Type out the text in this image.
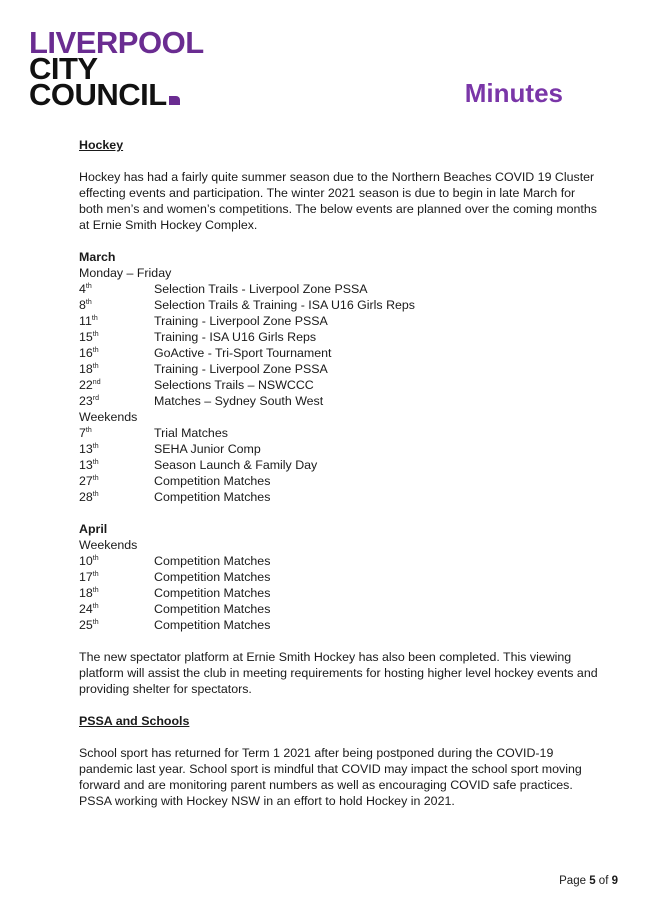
LIVERPOOL
CITY
COUNCIL	Minutes

Hockey

Hockey has had a fairly quite summer season due to the Northern Beaches COVID 19 Cluster effecting events and participation. The winter 2021 season is due to begin in late March for both men’s and women’s competitions. The below events are planned over the coming months at Ernie Smith Hockey Complex.

March

Monday – Friday

4th	Selection Trails - Liverpool Zone PSSA
8th	Selection Trails & Training - ISA U16 Girls Reps
11th	Training - Liverpool Zone PSSA
15th	Training - ISA U16 Girls Reps
16th	GoActive - Tri-Sport Tournament
18th	Training - Liverpool Zone PSSA
22nd	Selections Trails – NSWCCC
23rd	Matches – Sydney South West

Weekends

7th	Trial Matches
13th	SEHA Junior Comp
13th	Season Launch & Family Day
27th	Competition Matches
28th	Competition Matches

April

Weekends

10th	Competition Matches
17th	Competition Matches
18th	Competition Matches
24th	Competition Matches
25th	Competition Matches

The new spectator platform at Ernie Smith Hockey has also been completed. This viewing platform will assist the club in meeting requirements for hosting higher level hockey events and providing shelter for spectators.

PSSA and Schools

School sport has returned for Term 1 2021 after being postponed during the COVID-19 pandemic last year. School sport is mindful that COVID may impact the school sport moving forward and are monitoring parent numbers as well as encouraging COVID safe practices. PSSA working with Hockey NSW in an effort to hold Hockey in 2021.

Page 5 of 9
